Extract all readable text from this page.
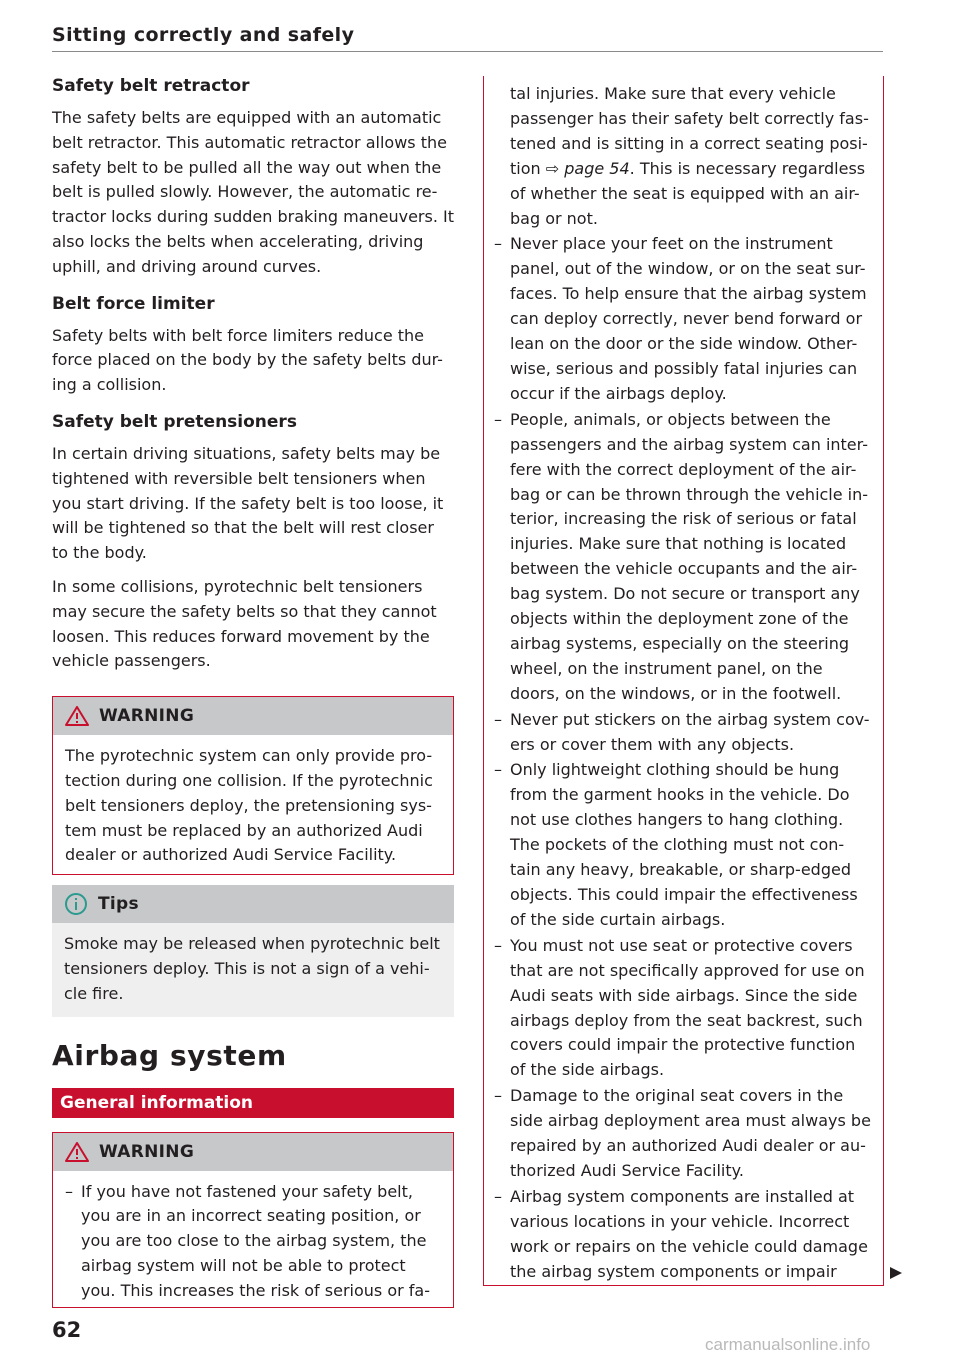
Sitting correctly and safely
Safety belt retractor

The safety belts are equipped with an automatic belt retractor. This automatic retractor allows the safety belt to be pulled all the way out when the belt is pulled slowly. However, the automatic re-tractor locks during sudden braking maneuvers. It also locks the belts when accelerating, driving uphill, and driving around curves.

Belt force limiter

Safety belts with belt force limiters reduce the force placed on the body by the safety belts dur-ing a collision.

Safety belt pretensioners

In certain driving situations, safety belts may be tightened with reversible belt tensioners when you start driving. If the safety belt is too loose, it will be tightened so that the belt will rest closer to the body.

In some collisions, pyrotechnic belt tensioners may secure the safety belts so that they cannot loosen. This reduces forward movement by the vehicle passengers.

WARNING
The pyrotechnic system can only provide pro-tection during one collision. If the pyrotechnic belt tensioners deploy, the pretensioning sys-tem must be replaced by an authorized Audi dealer or authorized Audi Service Facility.
Tips
Smoke may be released when pyrotechnic belt tensioners deploy. This is not a sign of a vehi-cle fire.
Airbag system
General information
WARNING
– If you have not fastened your safety belt, you are in an incorrect seating position, or you are too close to the airbag system, the airbag system will not be able to protect you. This increases the risk of serious or fa-
tal injuries. Make sure that every vehicle passenger has their safety belt correctly fas-tened and is sitting in a correct seating posi-tion ⇨ page 54. This is necessary regardless of whether the seat is equipped with an air-bag or not.
– Never place your feet on the instrument panel, out of the window, or on the seat sur-faces. To help ensure that the airbag system can deploy correctly, never bend forward or lean on the door or the side window. Other-wise, serious and possibly fatal injuries can occur if the airbags deploy.
– People, animals, or objects between the passengers and the airbag system can inter-fere with the correct deployment of the air-bag or can be thrown through the vehicle in-terior, increasing the risk of serious or fatal injuries. Make sure that nothing is located between the vehicle occupants and the air-bag system. Do not secure or transport any objects within the deployment zone of the airbag systems, especially on the steering wheel, on the instrument panel, on the doors, on the windows, or in the footwell.
– Never put stickers on the airbag system cov-ers or cover them with any objects.
– Only lightweight clothing should be hung from the garment hooks in the vehicle. Do not use clothes hangers to hang clothing. The pockets of the clothing must not con-tain any heavy, breakable, or sharp-edged objects. This could impair the effectiveness of the side curtain airbags.
– You must not use seat or protective covers that are not specifically approved for use on Audi seats with side airbags. Since the side airbags deploy from the seat backrest, such covers could impair the protective function of the side airbags.
– Damage to the original seat covers in the side airbag deployment area must always be repaired by an authorized Audi dealer or au-thorized Audi Service Facility.
– Airbag system components are installed at various locations in your vehicle. Incorrect work or repairs on the vehicle could damage the airbag system components or impair
62
carmanualsonline.info
